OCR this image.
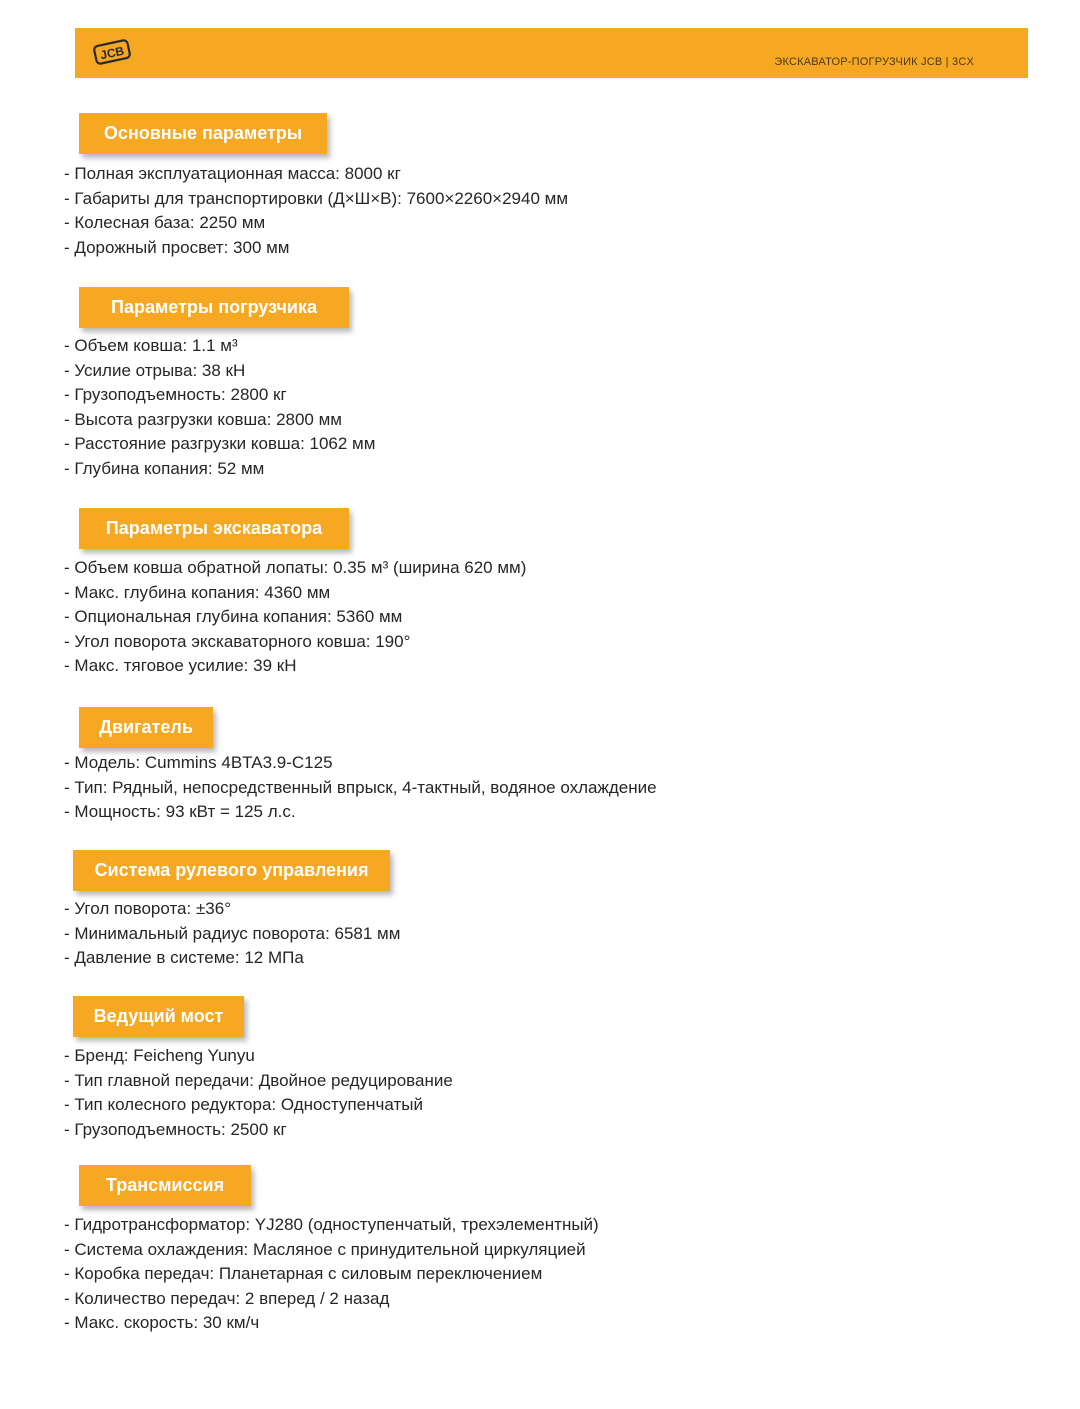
JCB	ЭКСКАВАТОР-ПОГРУЗЧИК JCB | 3CX
Основные параметры
- Полная эксплуатационная масса: 8000 кг
- Габариты для транспортировки (Д×Ш×В): 7600×2260×2940 мм
- Колесная база: 2250 мм
- Дорожный просвет: 300 мм
Параметры погрузчика
- Объем ковша: 1.1 м³
- Усилие отрыва: 38 кН
- Грузоподъемность: 2800 кг
- Высота разгрузки ковша: 2800 мм
- Расстояние разгрузки ковша: 1062 мм
- Глубина копания: 52 мм
Параметры экскаватора
- Объем ковша обратной лопаты: 0.35 м³ (ширина 620 мм)
- Макс. глубина копания: 4360 мм
- Опциональная глубина копания: 5360 мм
- Угол поворота экскаваторного ковша: 190°
- Макс. тяговое усилие: 39 кН
Двигатель
- Модель: Cummins 4BTA3.9-C125
- Тип: Рядный, непосредственный впрыск, 4-тактный, водяное охлаждение
- Мощность: 93 кВт = 125 л.с.
Система рулевого управления
- Угол поворота: ±36°
- Минимальный радиус поворота: 6581 мм
- Давление в системе: 12 МПа
Ведущий мост
- Бренд: Feicheng Yunyu
- Тип главной передачи: Двойное редуцирование
- Тип колесного редуктора: Одноступенчатый
- Грузоподъемность: 2500 кг
Трансмиссия
- Гидротрансформатор: YJ280 (одноступенчатый, трехэлементный)
- Система охлаждения: Масляное с принудительной циркуляцией
- Коробка передач: Планетарная с силовым переключением
- Количество передач: 2 вперед / 2 назад
- Макс. скорость: 30 км/ч
